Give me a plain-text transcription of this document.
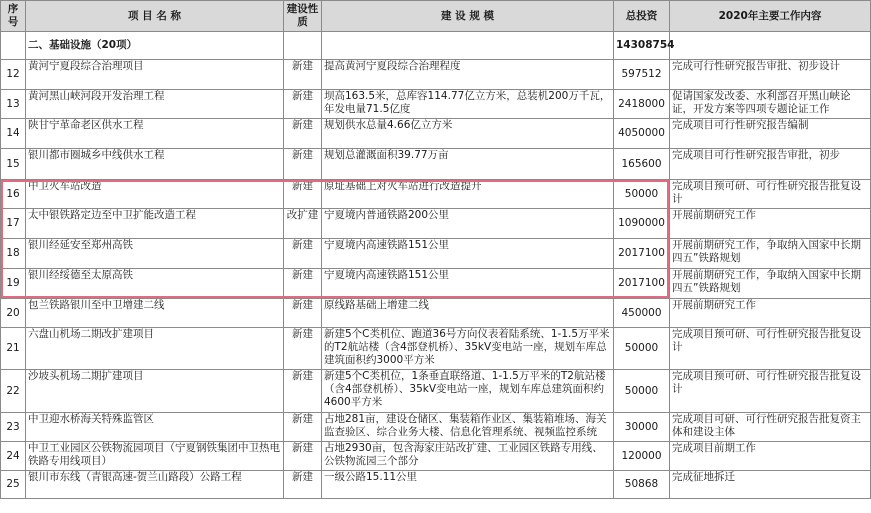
序号	项 目 名 称	建设性质	建 设 规 模	总投资	2020年主要工作内容
	二、基础设施（20项）			14308754	
12	黄河宁夏段综合治理项目	新建	提高黄河宁夏段综合治理程度	597512	完成可行性研究报告审批、初步设计
13	黄河黑山峡河段开发治理工程	新建	坝高163.5米，总库容114.77亿立方米，总装机200万千瓦，年发电量71.5亿度	2418000	促请国家发改委、水利部召开黑山峡论证，开发方案等四项专题论证工作
14	陕甘宁革命老区供水工程	新建	规划供水总量4.66亿立方米	4050000	完成项目可行性研究报告编制
15	银川都市圈城乡中线供水工程	新建	规划总灌溉面积39.77万亩	165600	完成项目可行性研究报告审批，初步
16	中卫火车站改造	新建	原址基础上对火车站进行改造提升	50000	完成项目预可研、可行性研究报告批复设计
17	太中银铁路定边至中卫扩能改造工程	改扩建	宁夏境内普通铁路200公里	1090000	开展前期研究工作
18	银川经延安至郑州高铁	新建	宁夏境内高速铁路151公里	2017100	开展前期研究工作，争取纳入国家中长期四五”铁路规划
19	银川经绥德至太原高铁	新建	宁夏境内高速铁路151公里	2017100	开展前期研究工作，争取纳入国家中长期四五”铁路规划
20	包兰铁路银川至中卫增建二线	新建	原线路基础上增建二线	450000	开展前期研究工作
21	六盘山机场二期改扩建项目	新建	新建5个C类机位、跑道36号方向仪表着陆系统、1-1.5万平米的T2航站楼（含4部登机桥）、35kV变电站一座，规划车库总建筑面积约3000平方米	50000	完成项目预可研、可行性研究报告批复设计
22	沙坡头机场二期扩建项目	新建	新建5个C类机位，1条垂直联络道、1-1.5万平米的T2航站楼（含4部登机桥）、35kV变电站一座，规划车库总建筑面积约4600平方米	50000	完成项目预可研、可行性研究报告批复设计
23	中卫迎水桥海关特殊监管区	新建	占地281亩，建设仓储区、集装箱作业区、集装箱堆场、海关监查验区、综合业务大楼、信息化管理系统、视频监控系统	30000	完成项目可研、可行性研究报告批复资主体和建设主体
24	中卫工业园区公铁物流园项目（宁夏钢铁集团中卫热电铁路专用线项目）	新建	占地2930亩，包含海家庄站改扩建、工业园区铁路专用线、公铁物流园三个部分	120000	完成项目前期工作
25	银川市东线（青银高速-贺兰山路段）公路工程	新建	一级公路15.11公里	50868	完成征地拆迁
